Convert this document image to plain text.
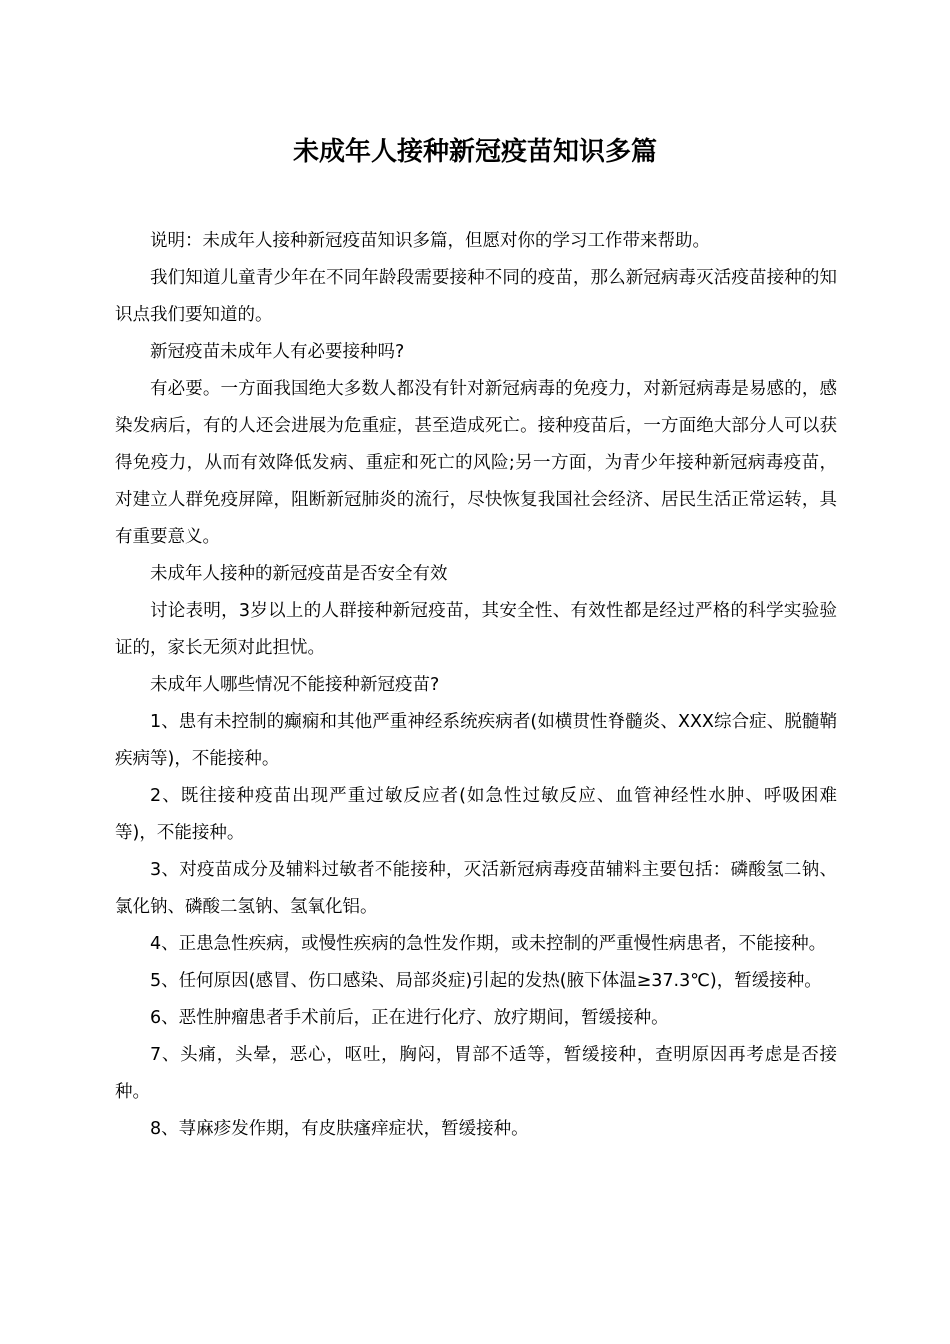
未成年人接种新冠疫苗知识多篇

说明：未成年人接种新冠疫苗知识多篇，但愿对你的学习工作带来帮助。

我们知道儿童青少年在不同年龄段需要接种不同的疫苗，那么新冠病毒灭活疫苗接种的知识点我们要知道的。

新冠疫苗未成年人有必要接种吗?

有必要。一方面我国绝大多数人都没有针对新冠病毒的免疫力，对新冠病毒是易感的，感染发病后，有的人还会进展为危重症，甚至造成死亡。接种疫苗后，一方面绝大部分人可以获得免疫力，从而有效降低发病、重症和死亡的风险;另一方面，为青少年接种新冠病毒疫苗，对建立人群免疫屏障，阻断新冠肺炎的流行，尽快恢复我国社会经济、居民生活正常运转，具有重要意义。

未成年人接种的新冠疫苗是否安全有效

讨论表明，3岁以上的人群接种新冠疫苗，其安全性、有效性都是经过严格的科学实验验证的，家长无须对此担忧。

未成年人哪些情况不能接种新冠疫苗?

1、患有未控制的癫痫和其他严重神经系统疾病者(如横贯性脊髓炎、XXX综合症、脱髓鞘疾病等)，不能接种。

2、既往接种疫苗出现严重过敏反应者(如急性过敏反应、血管神经性水肿、呼吸困难等)，不能接种。

3、对疫苗成分及辅料过敏者不能接种，灭活新冠病毒疫苗辅料主要包括：磷酸氢二钠、氯化钠、磷酸二氢钠、氢氧化铝。

4、正患急性疾病，或慢性疾病的急性发作期，或未控制的严重慢性病患者，不能接种。

5、任何原因(感冒、伤口感染、局部炎症)引起的发热(腋下体温≥37.3℃)，暂缓接种。

6、恶性肿瘤患者手术前后，正在进行化疗、放疗期间，暂缓接种。

7、头痛，头晕，恶心，呕吐，胸闷，胃部不适等，暂缓接种，查明原因再考虑是否接种。

8、荨麻疹发作期，有皮肤瘙痒症状，暂缓接种。
